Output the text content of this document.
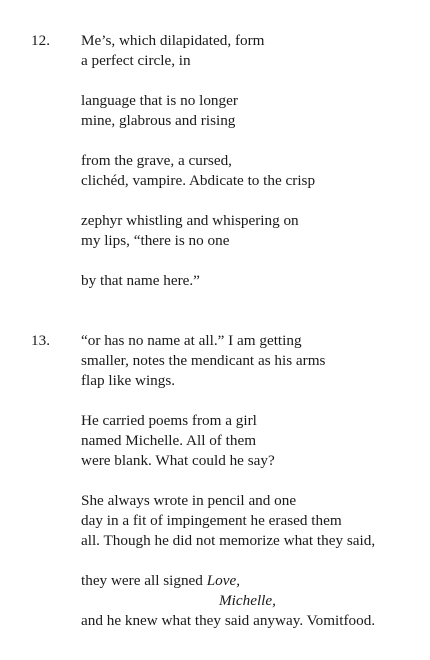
12. Me’s, which dilapidated, form
a perfect circle, in
language that is no longer
mine, glabrous and rising
from the grave, a cursed,
clichéd, vampire. Abdicate to the crisp
zephyr whistling and whispering on
my lips, “there is no one
by that name here.”
13. “or has no name at all.” I am getting
smaller, notes the mendicant as his arms
flap like wings.
He carried poems from a girl
named Michelle. All of them
were blank. What could he say?
She always wrote in pencil and one
day in a fit of impingement he erased them
all. Though he did not memorize what they said,
they were all signed Love,
Michelle,
and he knew what they said anyway. Vomitfood.
